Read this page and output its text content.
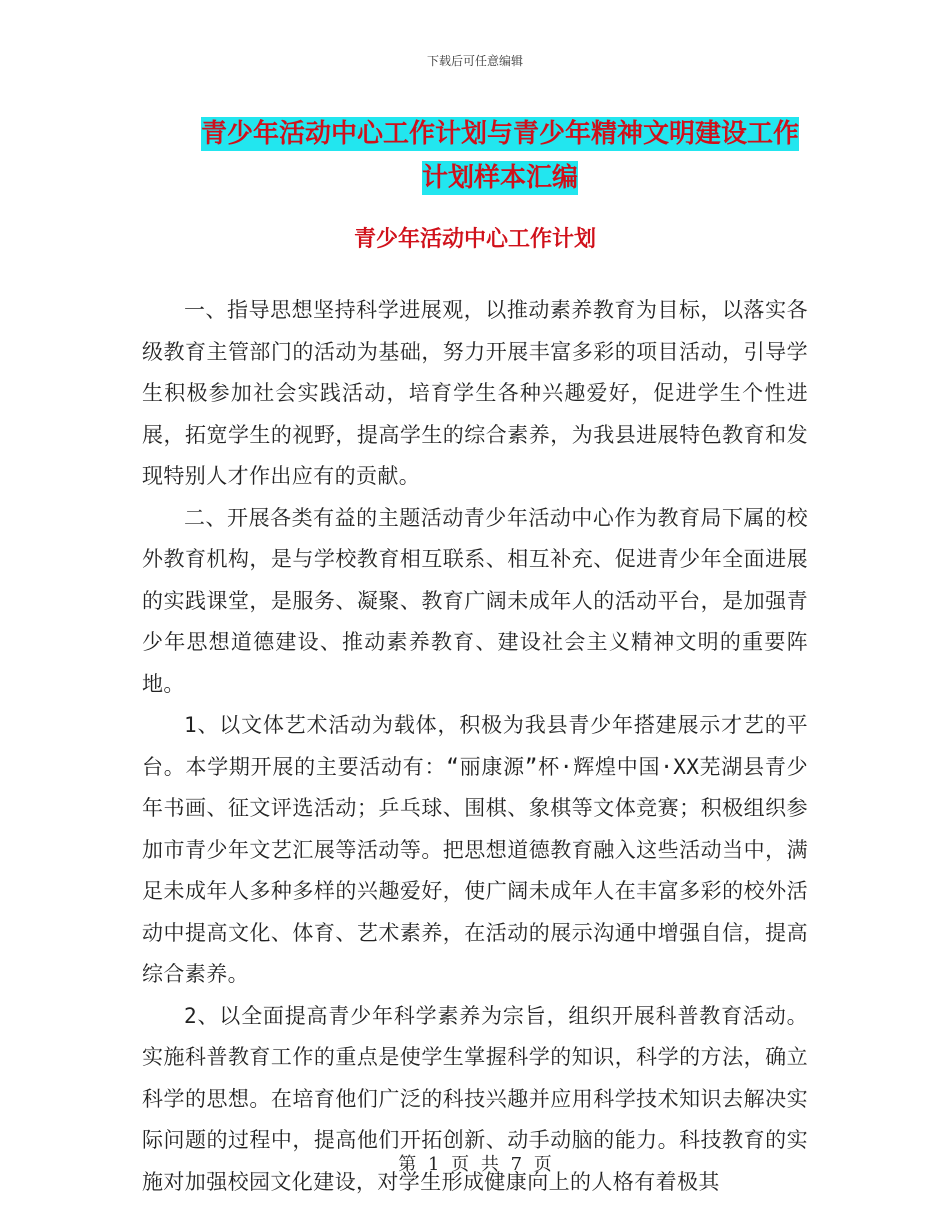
下载后可任意编辑
青少年活动中心工作计划与青少年精神文明建设工作
计划样本汇编
青少年活动中心工作计划

一、指导思想坚持科学进展观，以推动素养教育为目标，以落实各级教育主管部门的活动为基础，努力开展丰富多彩的项目活动，引导学生积极参加社会实践活动，培育学生各种兴趣爱好，促进学生个性进展，拓宽学生的视野，提高学生的综合素养，为我县进展特色教育和发现特别人才作出应有的贡献。

二、开展各类有益的主题活动青少年活动中心作为教育局下属的校外教育机构，是与学校教育相互联系、相互补充、促进青少年全面进展的实践课堂，是服务、凝聚、教育广阔未成年人的活动平台，是加强青少年思想道德建设、推动素养教育、建设社会主义精神文明的重要阵地。

1、以文体艺术活动为载体，积极为我县青少年搭建展示才艺的平台。本学期开展的主要活动有：“丽康源”杯·辉煌中国·XX芜湖县青少年书画、征文评选活动；乒乓球、围棋、象棋等文体竞赛；积极组织参加市青少年文艺汇展等活动等。把思想道德教育融入这些活动当中，满足未成年人多种多样的兴趣爱好，使广阔未成年人在丰富多彩的校外活动中提高文化、体育、艺术素养，在活动的展示沟通中增强自信，提高综合素养。

2、以全面提高青少年科学素养为宗旨，组织开展科普教育活动。实施科普教育工作的重点是使学生掌握科学的知识，科学的方法，确立科学的思想。在培育他们广泛的科技兴趣并应用科学技术知识去解决实际问题的过程中，提高他们开拓创新、动手动脑的能力。科技教育的实施对加强校园文化建设，对学生形成健康向上的人格有着极其

第 1 页 共 7 页
